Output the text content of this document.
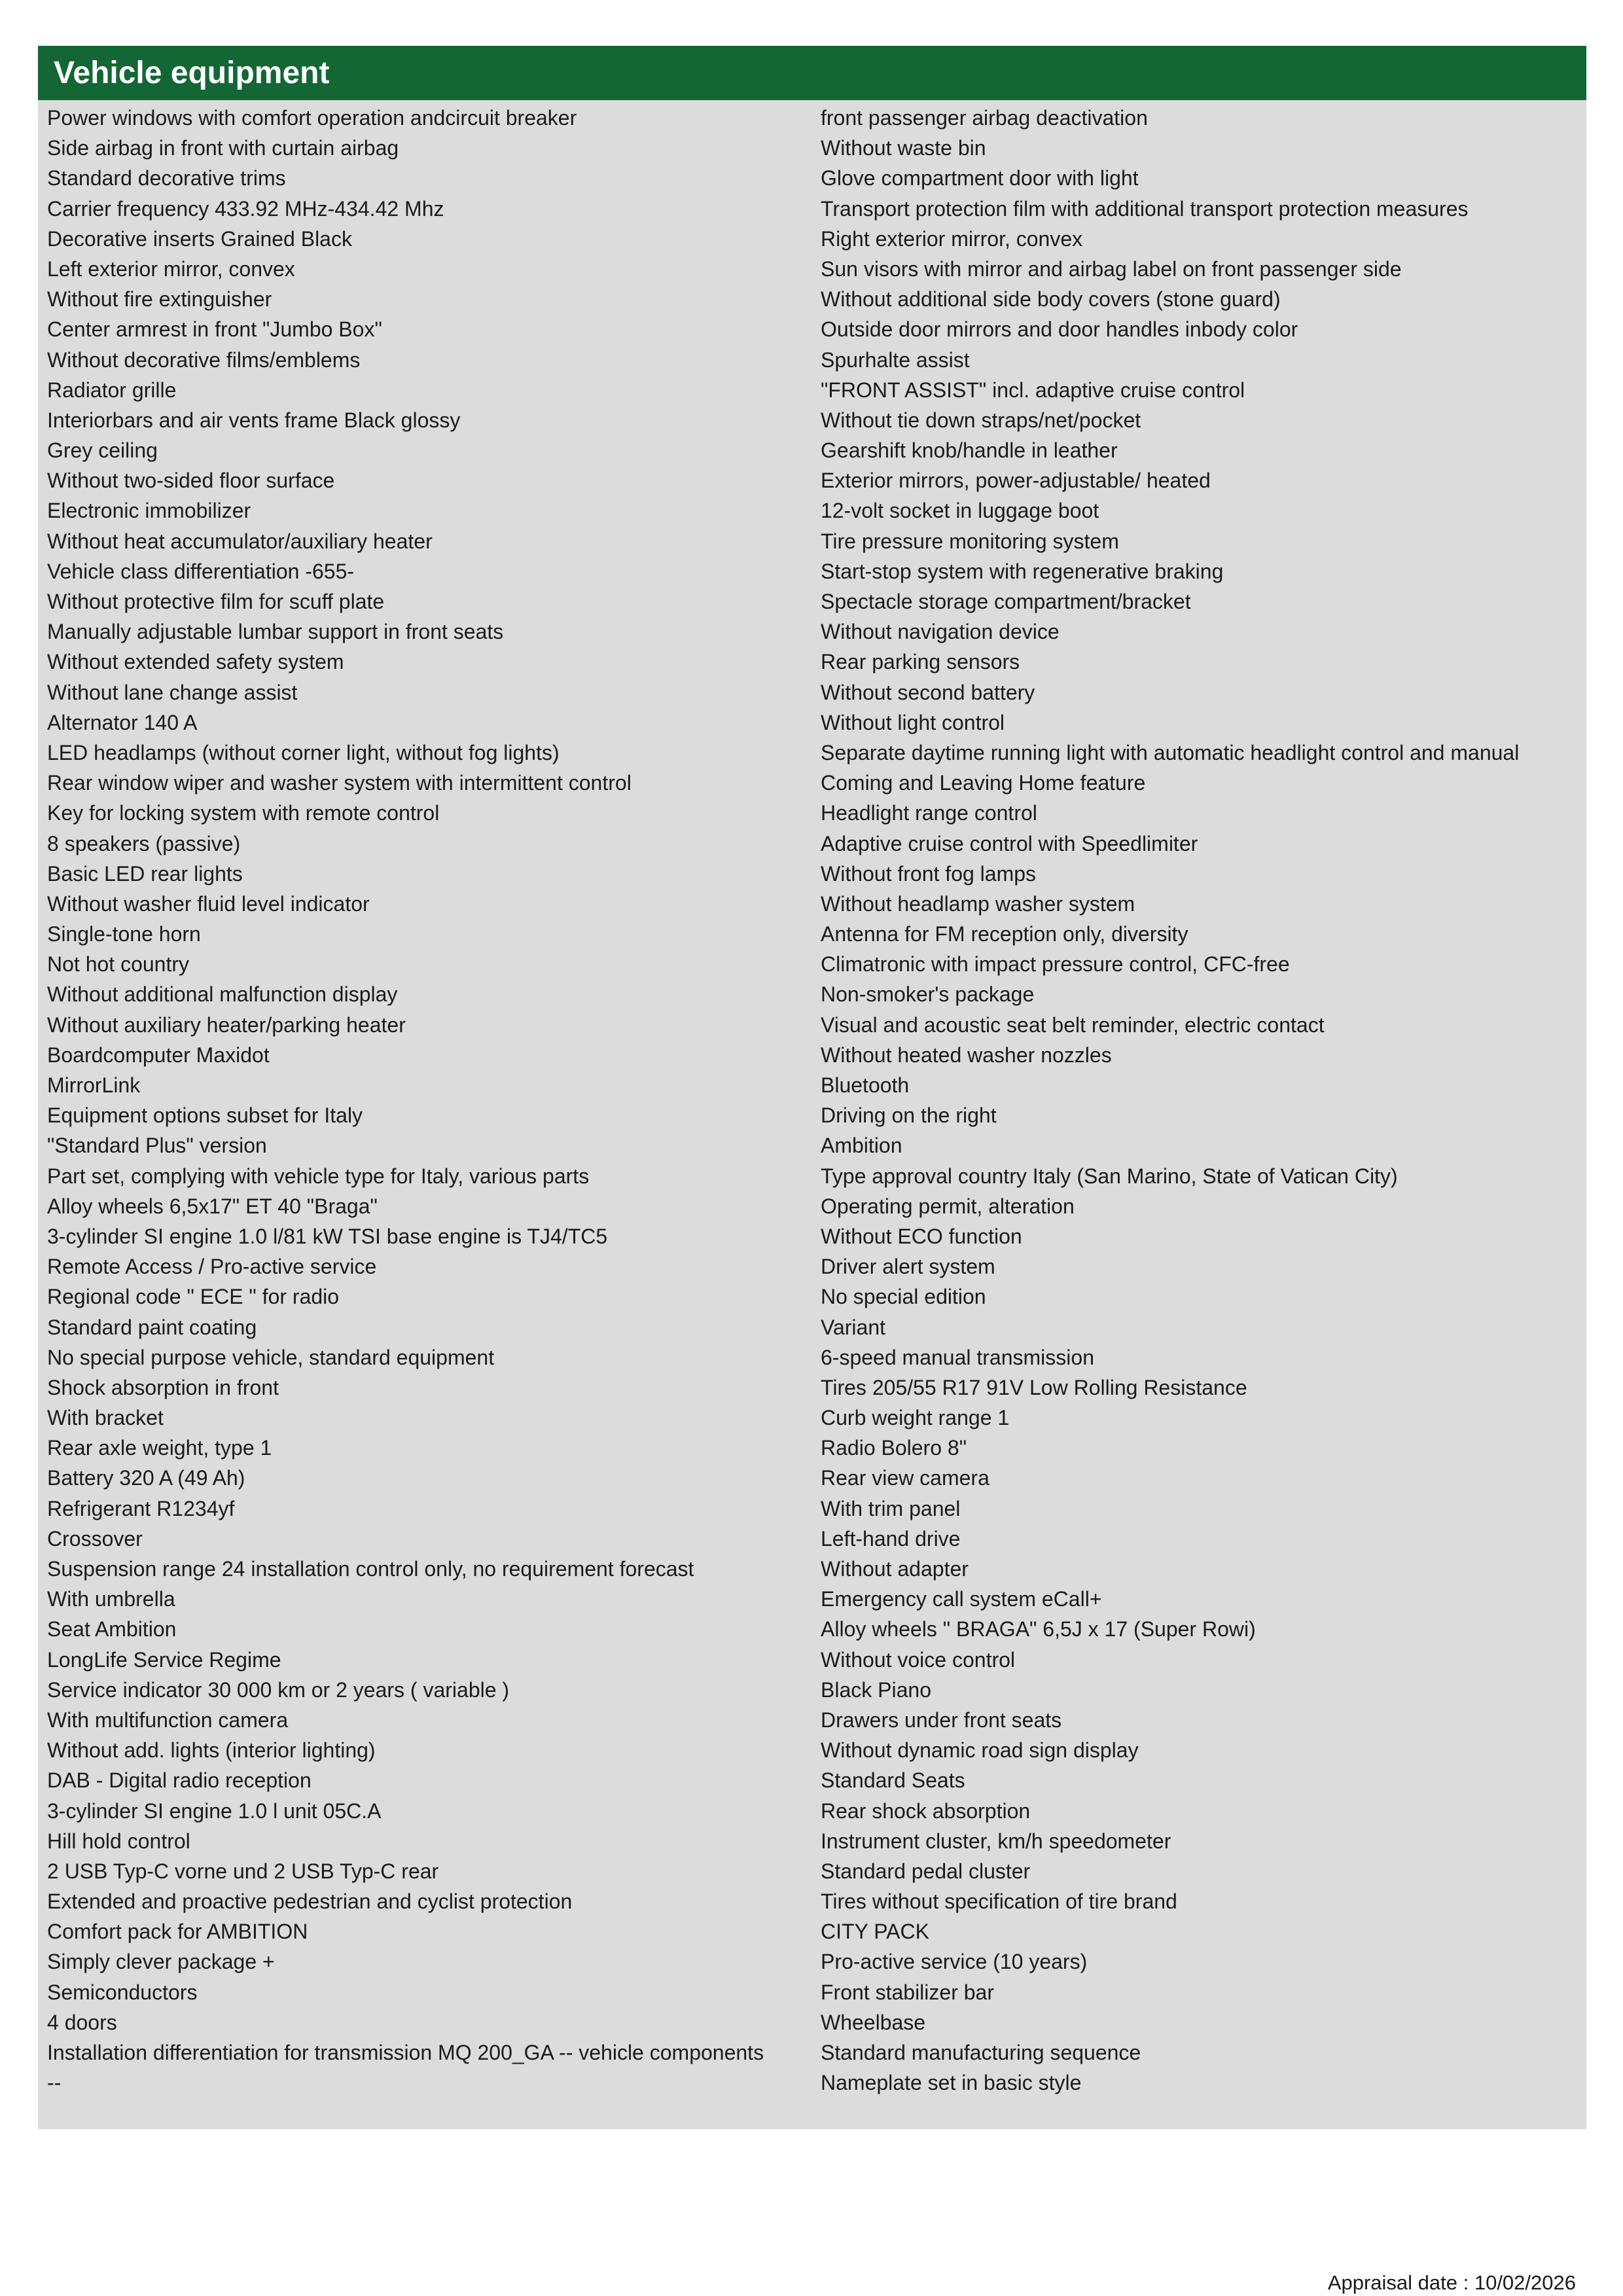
Vehicle equipment
Power windows with comfort operation andcircuit breaker
Side airbag in front with curtain airbag
Standard decorative trims
Carrier frequency 433.92 MHz-434.42 Mhz
Decorative inserts Grained Black
Left exterior mirror, convex
Without fire extinguisher
Center armrest in front "Jumbo Box"
Without decorative films/emblems
Radiator grille
Interiorbars and air vents frame Black glossy
Grey ceiling
Without two-sided floor surface
Electronic immobilizer
Without heat accumulator/auxiliary heater
Vehicle class differentiation -655-
Without protective film for scuff plate
Manually adjustable lumbar support in front seats
Without extended safety system
Without lane change assist
Alternator 140 A
LED headlamps (without corner light, without fog lights)
Rear window wiper and washer system with intermittent control
Key for locking system with remote control
8 speakers (passive)
Basic LED rear lights
Without washer fluid level indicator
Single-tone horn
Not hot country
Without additional malfunction display
Without auxiliary heater/parking heater
Boardcomputer Maxidot
MirrorLink
Equipment options subset for Italy
"Standard Plus" version
Part set, complying with vehicle type for Italy, various parts
Alloy wheels 6,5x17" ET 40 "Braga"
3-cylinder SI engine 1.0 l/81 kW TSI base engine is TJ4/TC5
Remote Access / Pro-active service
Regional code " ECE " for radio
Standard paint coating
No special purpose vehicle, standard equipment
Shock absorption in front
With bracket
Rear axle weight, type 1
Battery 320 A (49 Ah)
Refrigerant R1234yf
Crossover
Suspension range 24 installation control only, no requirement forecast
With umbrella
Seat Ambition
LongLife Service Regime
Service indicator 30 000 km or 2 years ( variable )
With multifunction camera
Without add. lights (interior lighting)
DAB - Digital radio reception
3-cylinder SI engine 1.0 l unit 05C.A
Hill hold control
2 USB Typ-C vorne und 2 USB Typ-C rear
Extended and proactive pedestrian and cyclist protection
Comfort pack for AMBITION
Simply clever package +
Semiconductors
4 doors
Installation differentiation for transmission MQ 200_GA -- vehicle components
--
front passenger airbag deactivation
Without waste bin
Glove compartment door with light
Transport protection film with additional transport protection measures
Right exterior mirror, convex
Sun visors with mirror and airbag label on front passenger side
Without additional side body covers (stone guard)
Outside door mirrors and door handles inbody color
Spurhalte assist
"FRONT ASSIST" incl. adaptive cruise control
Without tie down straps/net/pocket
Gearshift knob/handle in leather
Exterior mirrors, power-adjustable/ heated
12-volt socket in luggage boot
Tire pressure monitoring system
Start-stop system with regenerative braking
Spectacle storage compartment/bracket
Without navigation device
Rear parking sensors
Without second battery
Without light control
Separate daytime running light with automatic headlight control and manual
Coming and Leaving Home feature
Headlight range control
Adaptive cruise control with Speedlimiter
Without front fog lamps
Without headlamp washer system
Antenna for FM reception only, diversity
Climatronic with impact pressure control, CFC-free
Non-smoker's package
Visual and acoustic seat belt reminder, electric contact
Without heated washer nozzles
Bluetooth
Driving on the right
Ambition
Type approval country Italy (San Marino, State of Vatican City)
Operating permit, alteration
Without ECO function
Driver alert system
No special edition
Variant
6-speed manual transmission
Tires 205/55 R17 91V Low Rolling Resistance
Curb weight range 1
Radio Bolero 8"
Rear view camera
With trim panel
Left-hand drive
Without adapter
Emergency call system eCall+
Alloy wheels " BRAGA" 6,5J x 17 (Super Rowi)
Without voice control
Black Piano
Drawers under front seats
Without dynamic road sign display
Standard Seats
Rear shock absorption
Instrument cluster, km/h speedometer
Standard pedal cluster
Tires without specification of tire brand
CITY PACK
Pro-active service (10 years)
Front stabilizer bar
Wheelbase
Standard manufacturing sequence
Nameplate set in basic style
Appraisal date : 10/02/2026
